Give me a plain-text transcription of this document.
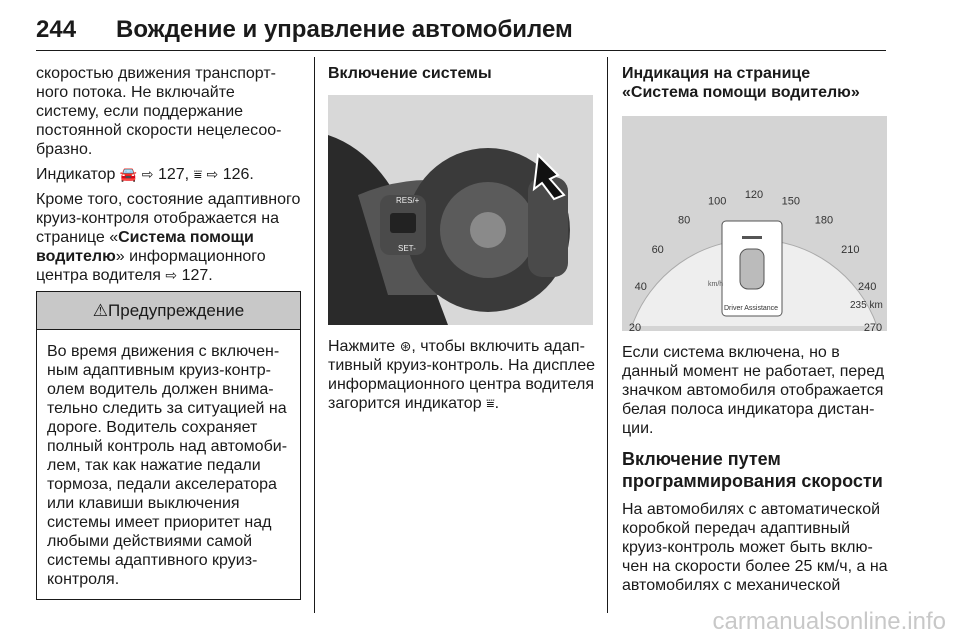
244 Вождение и управление автомобилем

скоростью движения транспортного потока. Не включайте систему, если поддержание постоянной скорости нецелесообразно.

Индикатор 🚘 ⇨ 127, ⩸ ⇨ 126.

Кроме того, состояние адаптивного круиз-контроля отображается на странице «Система помощи водителю» информационного центра водителя ⇨ 127.

⚠Предупреждение
Во время движения с включенным адаптивным круиз-контролем водитель должен внимательно следить за ситуацией на дороге. Водитель сохраняет полный контроль над автомобилем, так как нажатие педали тормоза, педали акселератора или клавиши выключения системы имеет приоритет над любыми действиями самой системы адаптивного круиз-контроля.
Включение системы
RES/+
SET-

Нажмите ⊛, чтобы включить адаптивный круиз-контроль. На дисплее информационного центра водителя загорится индикатор ⩸.

Индикация на странице «Система помощи водителю»
20
40
60
80
100
120
150
180
210
240
270
Driver Assistance
km/h
235 km

Если система включена, но в данный момент не работает, перед значком автомобиля отображается белая полоса индикатора дистанции.

Включение путем программирования скорости

На автомобилях с автоматической коробкой передач адаптивный круиз-контроль может быть включен на скорости более 25 км/ч, а на автомобилях с механической

carmanualsonline.info
